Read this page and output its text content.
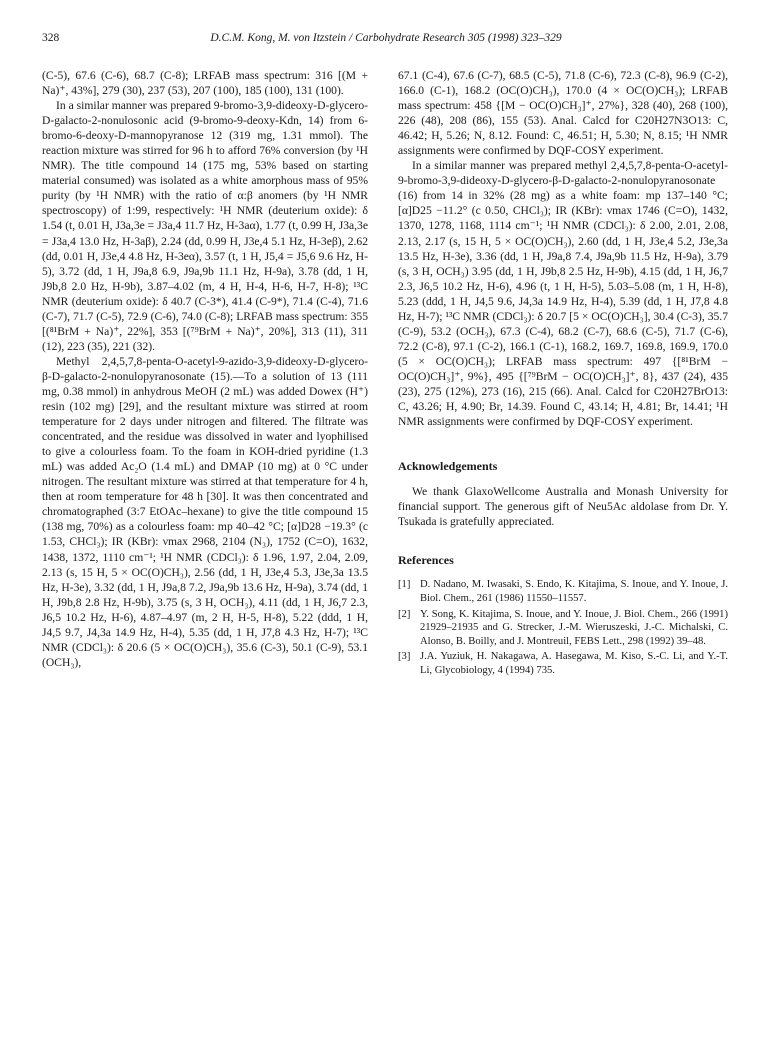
328	D.C.M. Kong, M. von Itzstein / Carbohydrate Research 305 (1998) 323–329

(C-5), 67.6 (C-6), 68.7 (C-8); LRFAB mass spectrum: 316 [(M + Na)⁺, 43%], 279 (30), 237 (53), 207 (100), 185 (100), 131 (100).

In a similar manner was prepared 9-bromo-3,9-dideoxy-D-glycero-D-galacto-2-nonulosonic acid (9-bromo-9-deoxy-Kdn, 14) from 6-bromo-6-deoxy-D-mannopyranose 12 (319 mg, 1.31 mmol). The reaction mixture was stirred for 96 h to afford 76% conversion (by ¹H NMR). The title compound 14 (175 mg, 53% based on starting material consumed) was isolated as a white amorphous mass of 95% purity (by ¹H NMR) with the ratio of α:β anomers (by ¹H NMR spectroscopy) of 1:99, respectively: ¹H NMR (deuterium oxide): δ 1.54 (t, 0.01 H, J3a,3e = J3a,4 11.7 Hz, H-3aα), 1.77 (t, 0.99 H, J3a,3e = J3a,4 13.0 Hz, H-3aβ), 2.24 (dd, 0.99 H, J3e,4 5.1 Hz, H-3eβ), 2.62 (dd, 0.01 H, J3e,4 4.8 Hz, H-3eα), 3.57 (t, 1 H, J5,4 = J5,6 9.6 Hz, H-5), 3.72 (dd, 1 H, J9a,8 6.9, J9a,9b 11.1 Hz, H-9a), 3.78 (dd, 1 H, J9b,8 2.0 Hz, H-9b), 3.87–4.02 (m, 4 H, H-4, H-6, H-7, H-8); ¹³C NMR (deuterium oxide): δ 40.7 (C-3*), 41.4 (C-9*), 71.4 (C-4), 71.6 (C-7), 71.7 (C-5), 72.9 (C-6), 74.0 (C-8); LRFAB mass spectrum: 355 [(⁸¹BrM + Na)⁺, 22%], 353 [(⁷⁹BrM + Na)⁺, 20%], 313 (11), 311 (12), 223 (35), 221 (32).

Methyl 2,4,5,7,8-penta-O-acetyl-9-azido-3,9-dideoxy-D-glycero-β-D-galacto-2-nonulopyranosonate (15).—To a solution of 13 (111 mg, 0.38 mmol) in anhydrous MeOH (2 mL) was added Dowex (H⁺) resin (102 mg) [29], and the resultant mixture was stirred at room temperature for 2 days under nitrogen and filtered. The filtrate was concentrated, and the residue was dissolved in water and lyophilised to give a colourless foam. To the foam in KOH-dried pyridine (1.3 mL) was added Ac₂O (1.4 mL) and DMAP (10 mg) at 0 °C under nitrogen. The resultant mixture was stirred at that temperature for 4 h, then at room temperature for 48 h [30]. It was then concentrated and chromatographed (3:7 EtOAc–hexane) to give the title compound 15 (138 mg, 70%) as a colourless foam: mp 40–42 °C; [α]D28 −19.3° (c 1.53, CHCl₃); IR (KBr): νmax 2968, 2104 (N₃), 1752 (C=O), 1632, 1438, 1372, 1110 cm⁻¹; ¹H NMR (CDCl₃): δ 1.96, 1.97, 2.04, 2.09, 2.13 (s, 15 H, 5 × OC(O)CH₃), 2.56 (dd, 1 H, J3e,4 5.3, J3e,3a 13.5 Hz, H-3e), 3.32 (dd, 1 H, J9a,8 7.2, J9a,9b 13.6 Hz, H-9a), 3.74 (dd, 1 H, J9b,8 2.8 Hz, H-9b), 3.75 (s, 3 H, OCH₃), 4.11 (dd, 1 H, J6,7 2.3, J6,5 10.2 Hz, H-6), 4.87–4.97 (m, 2 H, H-5, H-8), 5.22 (ddd, 1 H, J4,5 9.7, J4,3a 14.9 Hz, H-4), 5.35 (dd, 1 H, J7,8 4.3 Hz, H-7); ¹³C NMR (CDCl₃): δ 20.6 (5 × OC(O)CH₃), 35.6 (C-3), 50.1 (C-9), 53.1 (OCH₃),

67.1 (C-4), 67.6 (C-7), 68.5 (C-5), 71.8 (C-6), 72.3 (C-8), 96.9 (C-2), 166.0 (C-1), 168.2 (OC(O)CH₃), 170.0 (4 × OC(O)CH₃); LRFAB mass spectrum: 458 {[M − OC(O)CH₃]⁺, 27%}, 328 (40), 268 (100), 226 (48), 208 (86), 155 (53). Anal. Calcd for C20H27N3O13: C, 46.42; H, 5.26; N, 8.12. Found: C, 46.51; H, 5.30; N, 8.15; ¹H NMR assignments were confirmed by DQF-COSY experiment.

In a similar manner was prepared methyl 2,4,5,7,8-penta-O-acetyl-9-bromo-3,9-dideoxy-D-glycero-β-D-galacto-2-nonulopyranosonate (16) from 14 in 32% (28 mg) as a white foam: mp 137–140 °C; [α]D25 −11.2° (c 0.50, CHCl₃); IR (KBr): νmax 1746 (C=O), 1432, 1370, 1278, 1168, 1114 cm⁻¹; ¹H NMR (CDCl₃): δ 2.00, 2.01, 2.08, 2.13, 2.17 (s, 15 H, 5 × OC(O)CH₃), 2.60 (dd, 1 H, J3e,4 5.2, J3e,3a 13.5 Hz, H-3e), 3.36 (dd, 1 H, J9a,8 7.4, J9a,9b 11.5 Hz, H-9a), 3.79 (s, 3 H, OCH₃) 3.95 (dd, 1 H, J9b,8 2.5 Hz, H-9b), 4.15 (dd, 1 H, J6,7 2.3, J6,5 10.2 Hz, H-6), 4.96 (t, 1 H, H-5), 5.03–5.08 (m, 1 H, H-8), 5.23 (ddd, 1 H, J4,5 9.6, J4,3a 14.9 Hz, H-4), 5.39 (dd, 1 H, J7,8 4.8 Hz, H-7); ¹³C NMR (CDCl₃): δ 20.7 [5 × OC(O)CH₃], 30.4 (C-3), 35.7 (C-9), 53.2 (OCH₃), 67.3 (C-4), 68.2 (C-7), 68.6 (C-5), 71.7 (C-6), 72.2 (C-8), 97.1 (C-2), 166.1 (C-1), 168.2, 169.7, 169.8, 169.9, 170.0 (5 × OC(O)CH₃); LRFAB mass spectrum: 497 {[⁸¹BrM − OC(O)CH₃]⁺, 9%}, 495 {[⁷⁹BrM − OC(O)CH₃]⁺, 8}, 437 (24), 435 (23), 275 (12%), 273 (16), 215 (66). Anal. Calcd for C20H27BrO13: C, 43.26; H, 4.90; Br, 14.39. Found C, 43.14; H, 4.81; Br, 14.41; ¹H NMR assignments were confirmed by DQF-COSY experiment.

Acknowledgements

We thank GlaxoWellcome Australia and Monash University for financial support. The generous gift of Neu5Ac aldolase from Dr. Y. Tsukada is gratefully appreciated.

References
[1] D. Nadano, M. Iwasaki, S. Endo, K. Kitajima, S. Inoue, and Y. Inoue, J. Biol. Chem., 261 (1986) 11550–11557.
[2] Y. Song, K. Kitajima, S. Inoue, and Y. Inoue, J. Biol. Chem., 266 (1991) 21929–21935 and G. Strecker, J.-M. Wieruszeski, J.-C. Michalski, C. Alonso, B. Boilly, and J. Montreuil, FEBS Lett., 298 (1992) 39–48.
[3] J.A. Yuziuk, H. Nakagawa, A. Hasegawa, M. Kiso, S.-C. Li, and Y.-T. Li, Glycobiology, 4 (1994) 735.
